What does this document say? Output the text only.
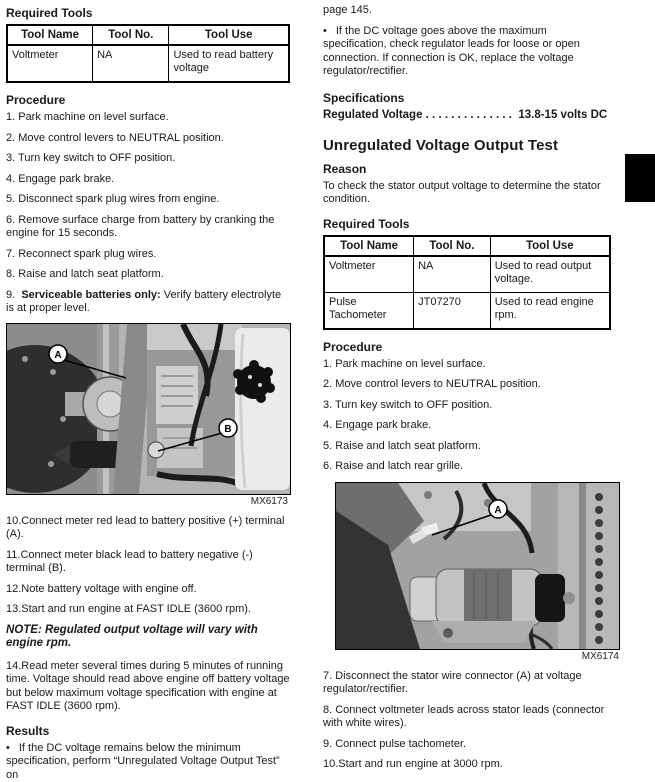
Required Tools
Tool Name	Tool No.	Tool Use
Voltmeter	NA	Used to read battery voltage
Procedure
1. Park machine on level surface.
2. Move control levers to NEUTRAL position.
3. Turn key switch to OFF position.
4. Engage park brake.
5. Disconnect spark plug wires from engine.
6. Remove surface charge from battery by cranking the engine for 15 seconds.
7. Reconnect spark plug wires.
8. Raise and latch seat platform.
9. Serviceable batteries only: Verify battery electrolyte is at proper level.
A
B
MX6173
10.Connect meter red lead to battery positive (+) terminal (A).
11.Connect meter black lead to battery negative (-) terminal (B).
12.Note battery voltage with engine off.
13.Start and run engine at FAST IDLE (3600 rpm).
NOTE: Regulated output voltage will vary with engine rpm.
14.Read meter several times during 5 minutes of running time. Voltage should read above engine off battery voltage but below maximum voltage specification with engine at FAST IDLE (3600 rpm).
Results
• If the DC voltage remains below the minimum specification, perform “Unregulated Voltage Output Test” on
page 145.
• If the DC voltage goes above the maximum specification, check regulator leads for loose or open connection. If connection is OK, replace the voltage regulator/rectifier.
Specifications
Regulated Voltage . . . . . . . . . . . . . . 13.8-15 volts DC
Unregulated Voltage Output Test
Reason
To check the stator output voltage to determine the stator condition.
Required Tools
Tool Name	Tool No.	Tool Use
Voltmeter	NA	Used to read output voltage.
Pulse Tachometer	JT07270	Used to read engine rpm.
Procedure
1. Park machine on level surface.
2. Move control levers to NEUTRAL position.
3. Turn key switch to OFF position.
4. Engage park brake.
5. Raise and latch seat platform.
6. Raise and latch rear grille.
A
MX6174
7. Disconnect the stator wire connector (A) at voltage regulator/rectifier.
8. Connect voltmeter leads across stator leads (connector with white wires).
9. Connect pulse tachometer.
10.Start and run engine at 3000 rpm.
